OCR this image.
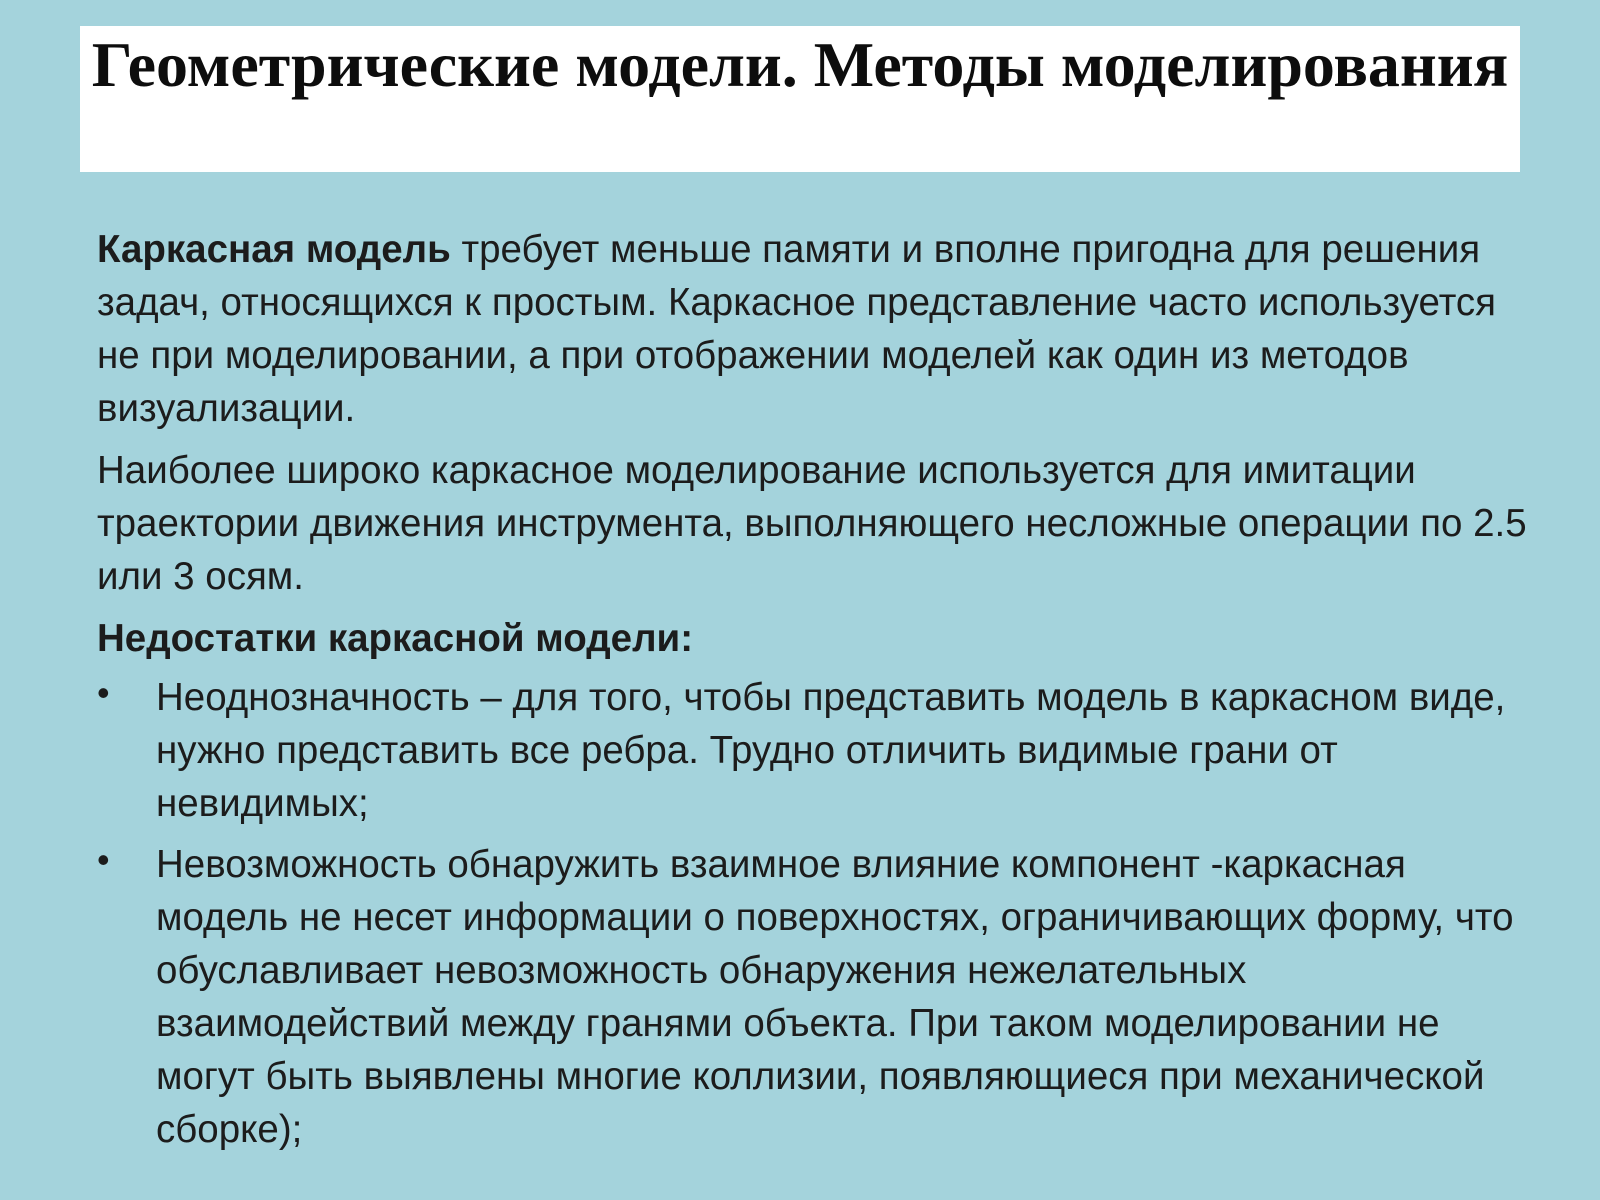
Геометрические модели. Методы моделирования

Каркасная модель требует меньше памяти и вполне пригодна для решения задач, относящихся к простым. Каркасное представление часто используется не при моделировании, а при отображении моделей как один из методов визуализации.

Наиболее широко каркасное моделирование используется для имитации траектории движения инструмента, выполняющего несложные операции по 2.5 или 3 осям.

Недостатки каркасной модели:

• Неоднозначность – для того, чтобы представить модель в каркасном виде, нужно представить все ребра. Трудно отличить видимые грани от невидимых;
• Невозможность обнаружить взаимное влияние компонент -каркасная модель не несет информации о поверхностях, ограничивающих форму, что обуславливает невозможность обнаружения нежелательных взаимодействий между гранями объекта. При таком моделировании не могут быть выявлены многие коллизии, появляющиеся при механической сборке);
